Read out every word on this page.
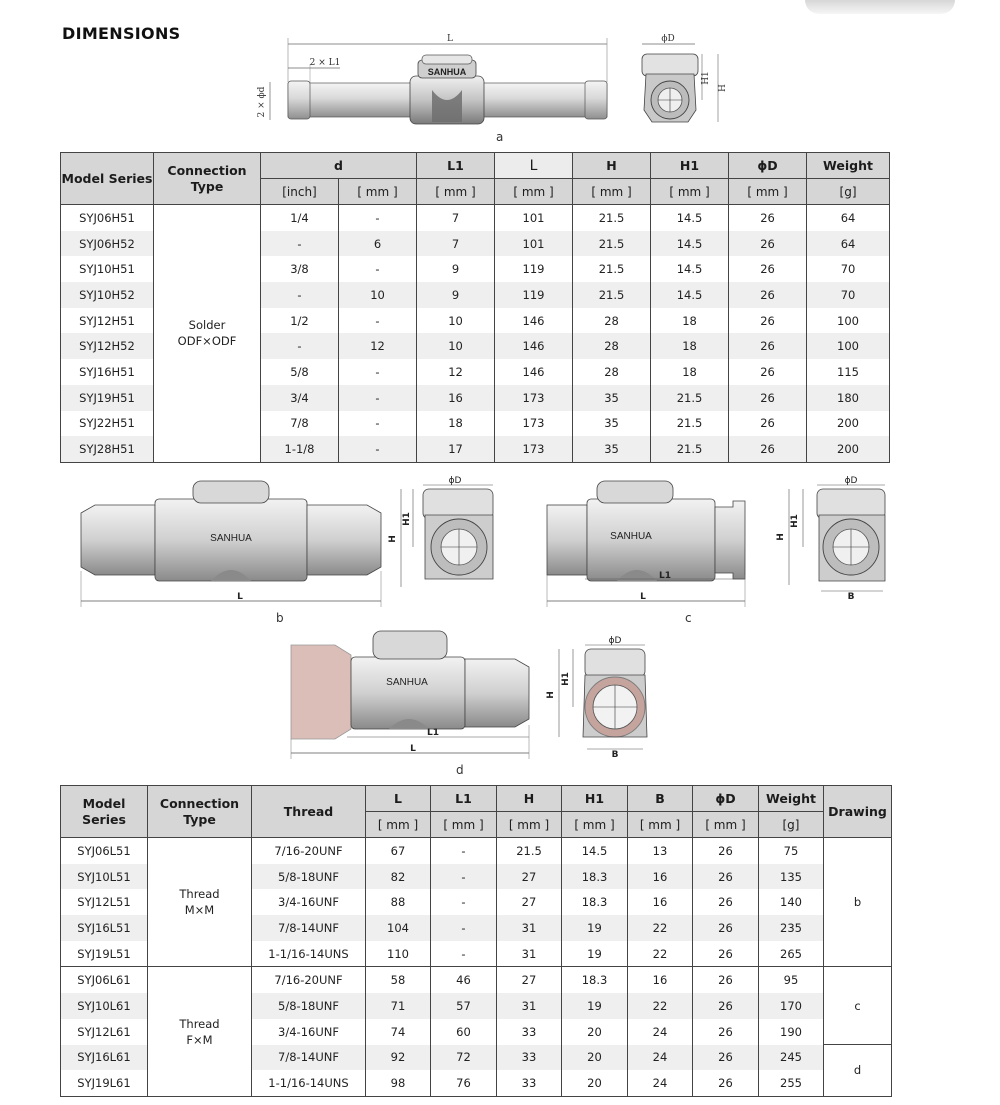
DIMENSIONS
SANHUA
L
2 × L1
2 × ϕd
ϕD
H1
H
a
Model Series	Connection Type	d		L1	L	H	H1	ϕD	Weight
		[inch]	[ mm ]	[ mm ]	[ mm ]	[ mm ]	[ mm ]	[ mm ]	[g]
SYJ06H51	Solder ODF×ODF	1/4	-	7	101	21.5	14.5	26	64
SYJ06H52		-	6	7	101	21.5	14.5	26	64
SYJ10H51		3/8	-	9	119	21.5	14.5	26	70
SYJ10H52		-	10	9	119	21.5	14.5	26	70
SYJ12H51		1/2	-	10	146	28	18	26	100
SYJ12H52		-	12	10	146	28	18	26	100
SYJ16H51		5/8	-	12	146	28	18	26	115
SYJ19H51		3/4	-	16	173	35	21.5	26	180
SYJ22H51		7/8	-	18	173	35	21.5	26	200
SYJ28H51		1-1/8	-	17	173	35	21.5	26	200
SANHUA
L
ϕD
H
H1
b
SANHUA
L1
L
ϕD
B
H
H1
c
SANHUA
L1
L
ϕD
B
H
H1
d
Model Series	Connection Type	Thread	L	L1	H	H1	B	ϕD	Weight	Drawing
			[ mm ]	[ mm ]	[ mm ]	[ mm ]	[ mm ]	[ mm ]	[g]	
SYJ06L51	Thread M×M	7/16-20UNF	67	-	21.5	14.5	13	26	75	b
SYJ10L51		5/8-18UNF	82	-	27	18.3	16	26	135	
SYJ12L51		3/4-16UNF	88	-	27	18.3	16	26	140	
SYJ16L51		7/8-14UNF	104	-	31	19	22	26	235	
SYJ19L51		1-1/16-14UNS	110	-	31	19	22	26	265	
SYJ06L61	Thread F×M	7/16-20UNF	58	46	27	18.3	16	26	95	c
SYJ10L61		5/8-18UNF	71	57	31	19	22	26	170	
SYJ12L61		3/4-16UNF	74	60	33	20	24	26	190	
SYJ16L61		7/8-14UNF	92	72	33	20	24	26	245	d
SYJ19L61		1-1/16-14UNS	98	76	33	20	24	26	255	
